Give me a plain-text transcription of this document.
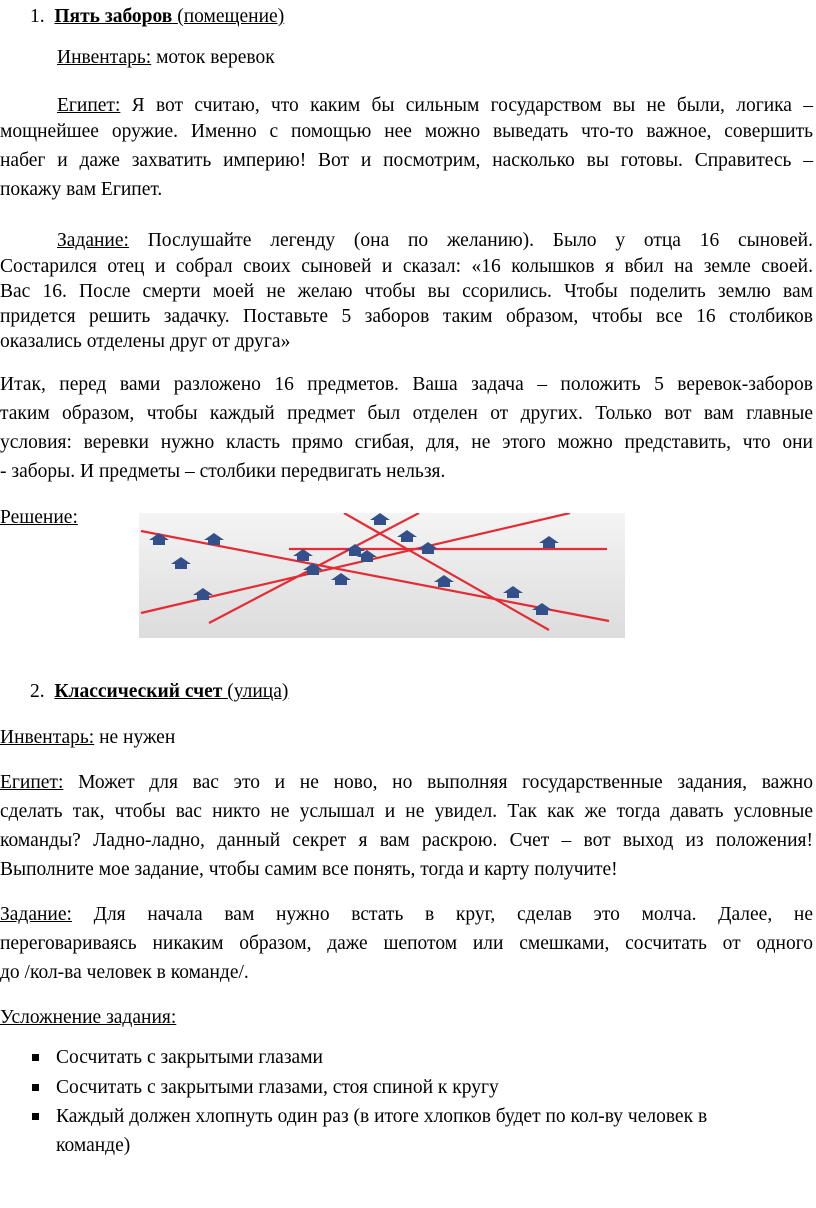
1. Пять заборов (помещение)
Инвентарь: моток веревок
Египет: Я вот считаю, что каким бы сильным государством вы не были, логика –
мощнейшее оружие. Именно с помощью нее можно выведать что-то важное, совершить
набег и даже захватить империю! Вот и посмотрим, насколько вы готовы. Справитесь –
покажу вам Египет.
Задание: Послушайте легенду (она по желанию). Было у отца 16 сыновей.
Состарился отец и собрал своих сыновей и сказал: «16 колышков я вбил на земле своей.
Вас 16. После смерти моей не желаю чтобы вы ссорились. Чтобы поделить землю вам
придется решить задачку. Поставьте 5 заборов таким образом, чтобы все 16 столбиков
оказались отделены друг от друга»
Итак, перед вами разложено 16 предметов. Ваша задача – положить 5 веревок-заборов
таким образом, чтобы каждый предмет был отделен от других. Только вот вам главные
условия: веревки нужно класть прямо сгибая, для, не этого можно представить, что они
- заборы. И предметы – столбики передвигать нельзя.
Решение:
2. Классический счет (улица)
Инвентарь: не нужен
Египет: Может для вас это и не ново, но выполняя государственные задания, важно
сделать так, чтобы вас никто не услышал и не увидел. Так как же тогда давать условные
команды? Ладно-ладно, данный секрет я вам раскрою. Счет – вот выход из положения!
Выполните мое задание, чтобы самим все понять, тогда и карту получите!
Задание: Для начала вам нужно встать в круг, сделав это молча. Далее, не
переговариваясь никаким образом, даже шепотом или смешками, сосчитать от одного
до /кол-ва человек в команде/.
Усложнение задания:
Сосчитать с закрытыми глазами
Сосчитать с закрытыми глазами, стоя спиной к кругу
Каждый должен хлопнуть один раз (в итоге хлопков будет по кол-ву человек в
команде)
